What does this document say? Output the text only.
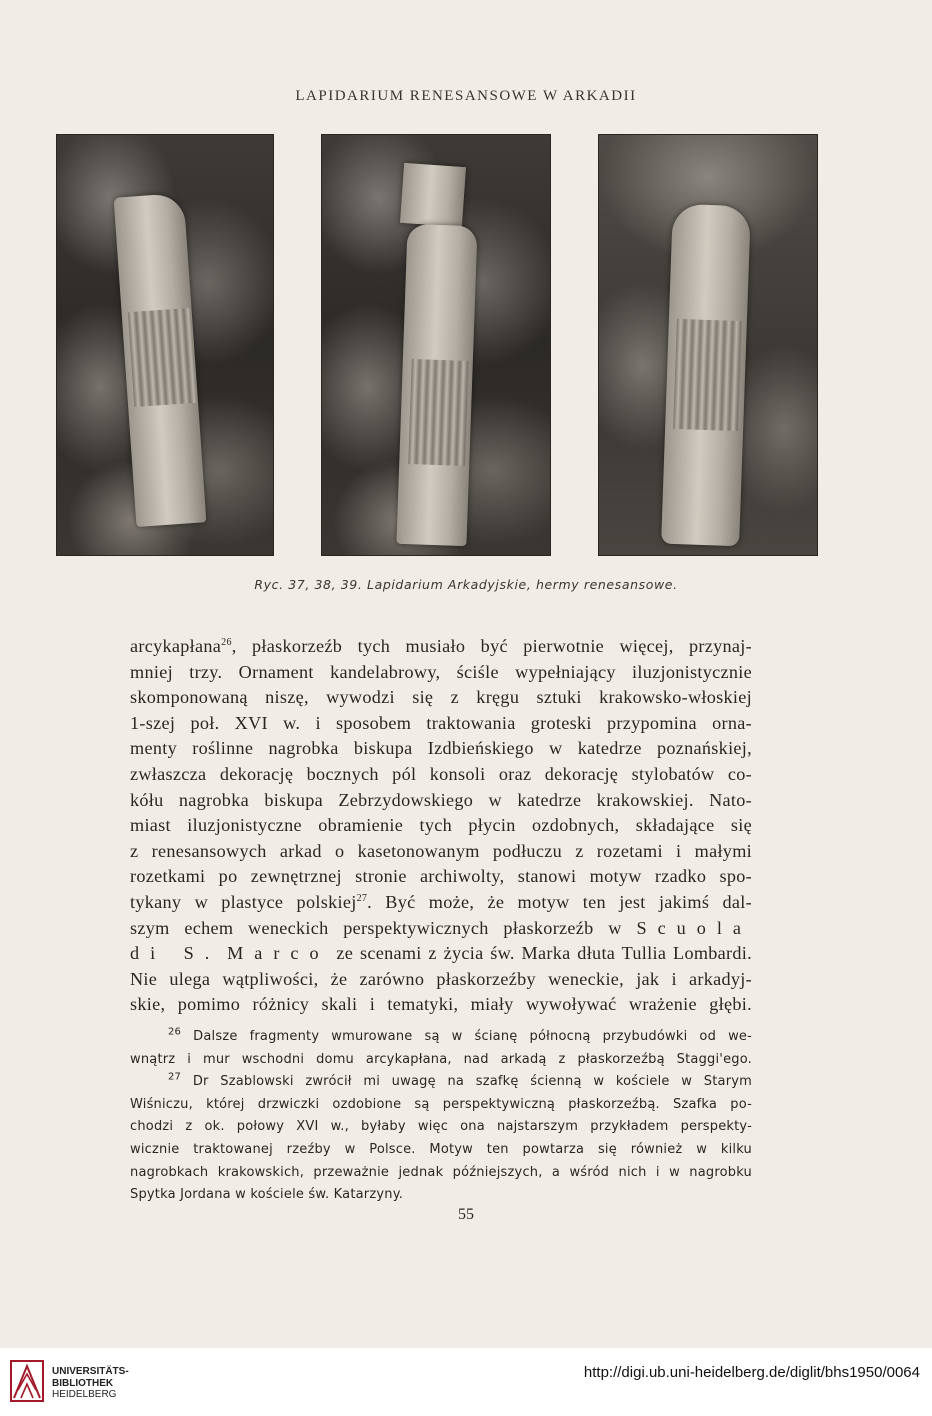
LAPIDARIUM RENESANSOWE W ARKADII
Ryc. 37, 38, 39. Lapidarium Arkadyjskie, hermy renesansowe.
arcykapłana$^{26}$, płaskorzeźb tych musiało być pierwotnie więcej, przynaj-
mniej trzy. Ornament kandelabrowy, ściśle wypełniający iluzjonistycznie
skomponowaną niszę, wywodzi się z kręgu sztuki krakowsko-włoskiej
1-szej poł. XVI w. i sposobem traktowania groteski przypomina orna-
menty roślinne nagrobka biskupa Izdbieńskiego w katedrze poznańskiej,
zwłaszcza dekorację bocznych pól konsoli oraz dekorację stylobatów co-
kółu nagrobka biskupa Zebrzydowskiego w katedrze krakowskiej. Nato-
miast iluzjonistyczne obramienie tych płycin ozdobnych, składające się
z renesansowych arkad o kasetonowanym podłuczu z rozetami i małymi
rozetkami po zewnętrznej stronie archiwolty, stanowi motyw rzadko spo-
tykany w plastyce polskiej$^{27}$. Być może, że motyw ten jest jakimś dal-
szym echem weneckich perspektywicznych płaskorzeźb w Scuola
di S. Marco ze scenami z życia św. Marka dłuta Tullia Lombardi.
Nie ulega wątpliwości, że zarówno płaskorzeźby weneckie, jak i arkadyj-
skie, pomimo różnicy skali i tematyki, miały wywoływać wrażenie głębi.
$^{26}$ Dalsze fragmenty wmurowane są w ścianę północną przybudówki od we-
wnątrz i mur wschodni domu arcykapłana, nad arkadą z płaskorzeźbą Staggi'ego.
$^{27}$ Dr Szablowski zwrócił mi uwagę na szafkę ścienną w kościele w Starym
Wiśniczu, której drzwiczki ozdobione są perspektywiczną płaskorzeźbą. Szafka po-
chodzi z ok. połowy XVI w., byłaby więc ona najstarszym przykładem perspekty-
wicznie traktowanej rzeźby w Polsce. Motyw ten powtarza się również w kilku
nagrobkach krakowskich, przeważnie jednak późniejszych, a wśród nich i w nagrobku
Spytka Jordana w kościele św. Katarzyny.
55
UNIVERSITÄTS-
BIBLIOTHEK
HEIDELBERG
http://digi.ub.uni-heidelberg.de/diglit/bhs1950/0064
